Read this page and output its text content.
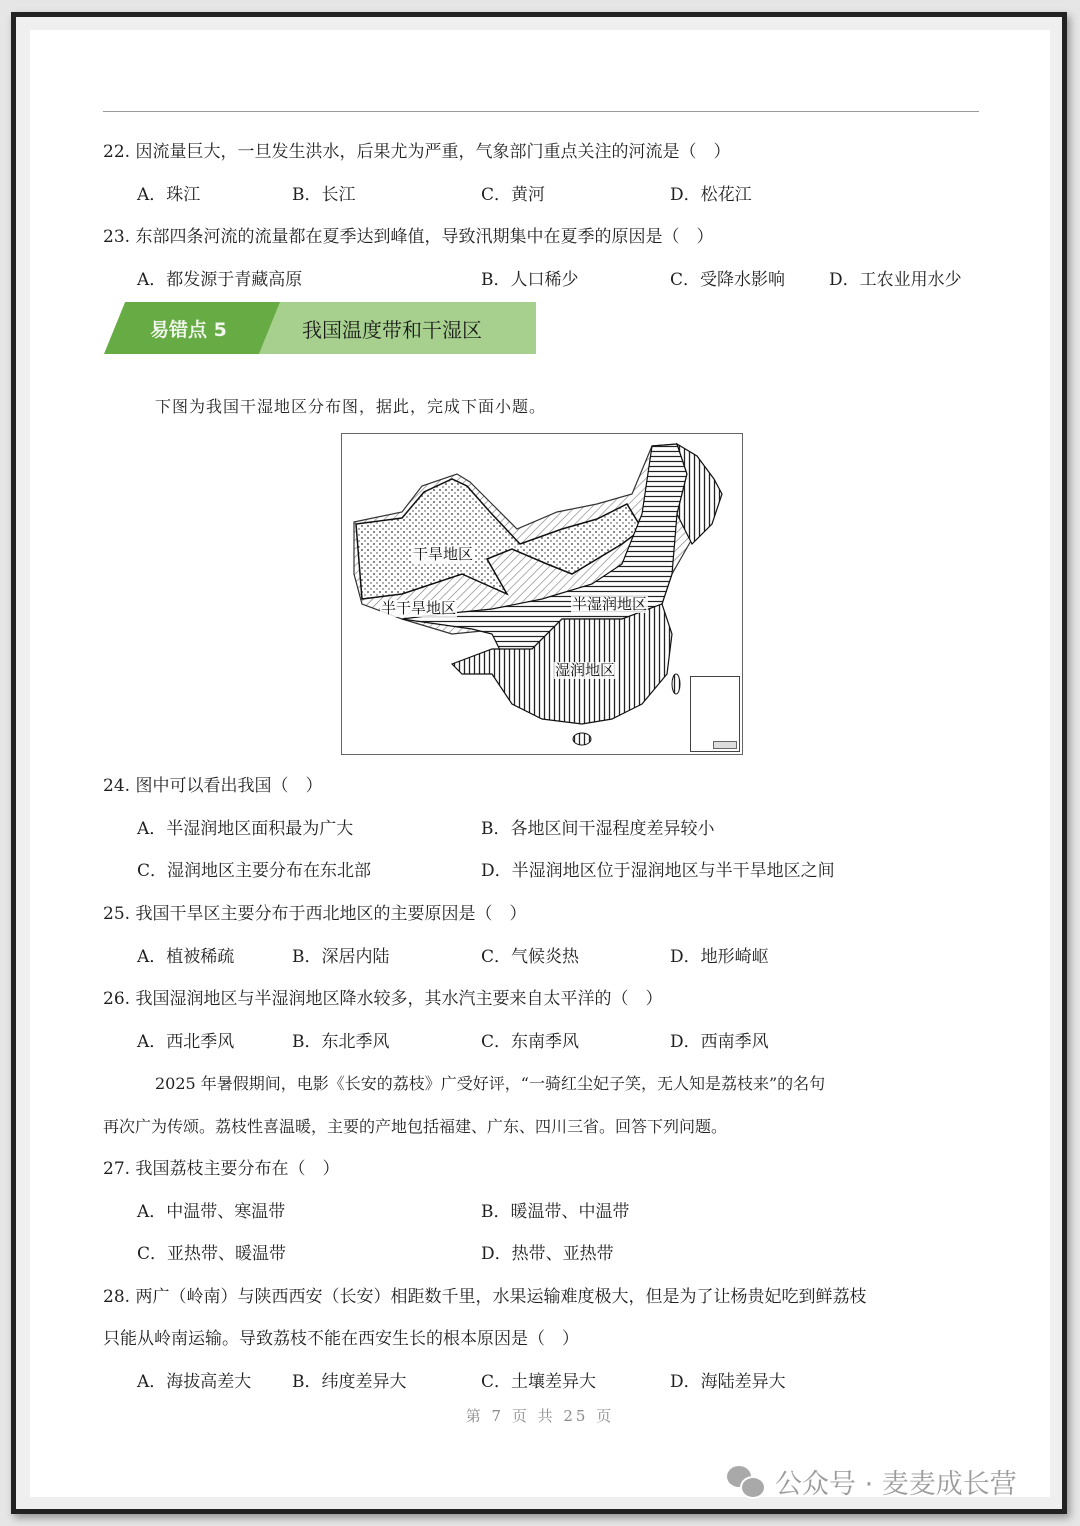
22. 因流量巨大，一旦发生洪水，后果尤为严重，气象部门重点关注的河流是（　）
A．珠江	B．长江	C．黄河	D．松花江
23. 东部四条河流的流量都在夏季达到峰值，导致汛期集中在夏季的原因是（　）
A．都发源于青藏高原	B．人口稀少	C．受降水影响	D．工农业用水少
易错点 5	我国温度带和干湿区
下图为我国干湿地区分布图，据此，完成下面小题。
干旱地区
半干旱地区	半湿润地区
湿润地区
24. 图中可以看出我国（　）
A．半湿润地区面积最为广大	B．各地区间干湿程度差异较小
C．湿润地区主要分布在东北部	D．半湿润地区位于湿润地区与半干旱地区之间
25. 我国干旱区主要分布于西北地区的主要原因是（　）
A．植被稀疏	B．深居内陆	C．气候炎热	D．地形崎岖
26. 我国湿润地区与半湿润地区降水较多，其水汽主要来自太平洋的（　）
A．西北季风	B．东北季风	C．东南季风	D．西南季风
2025 年暑假期间，电影《长安的荔枝》广受好评，“一骑红尘妃子笑，无人知是荔枝来”的名句
再次广为传颂。荔枝性喜温暖，主要的产地包括福建、广东、四川三省。回答下列问题。
27. 我国荔枝主要分布在（　）
A．中温带、寒温带	B．暖温带、中温带
C．亚热带、暖温带	D．热带、亚热带
28. 两广（岭南）与陕西西安（长安）相距数千里，水果运输难度极大，但是为了让杨贵妃吃到鲜荔枝
只能从岭南运输。导致荔枝不能在西安生长的根本原因是（　）
A．海拔高差大 B．纬度差异大	C．土壤差异大	D．海陆差异大
第 7 页 共 25 页
公众号 · 麦麦成长营
